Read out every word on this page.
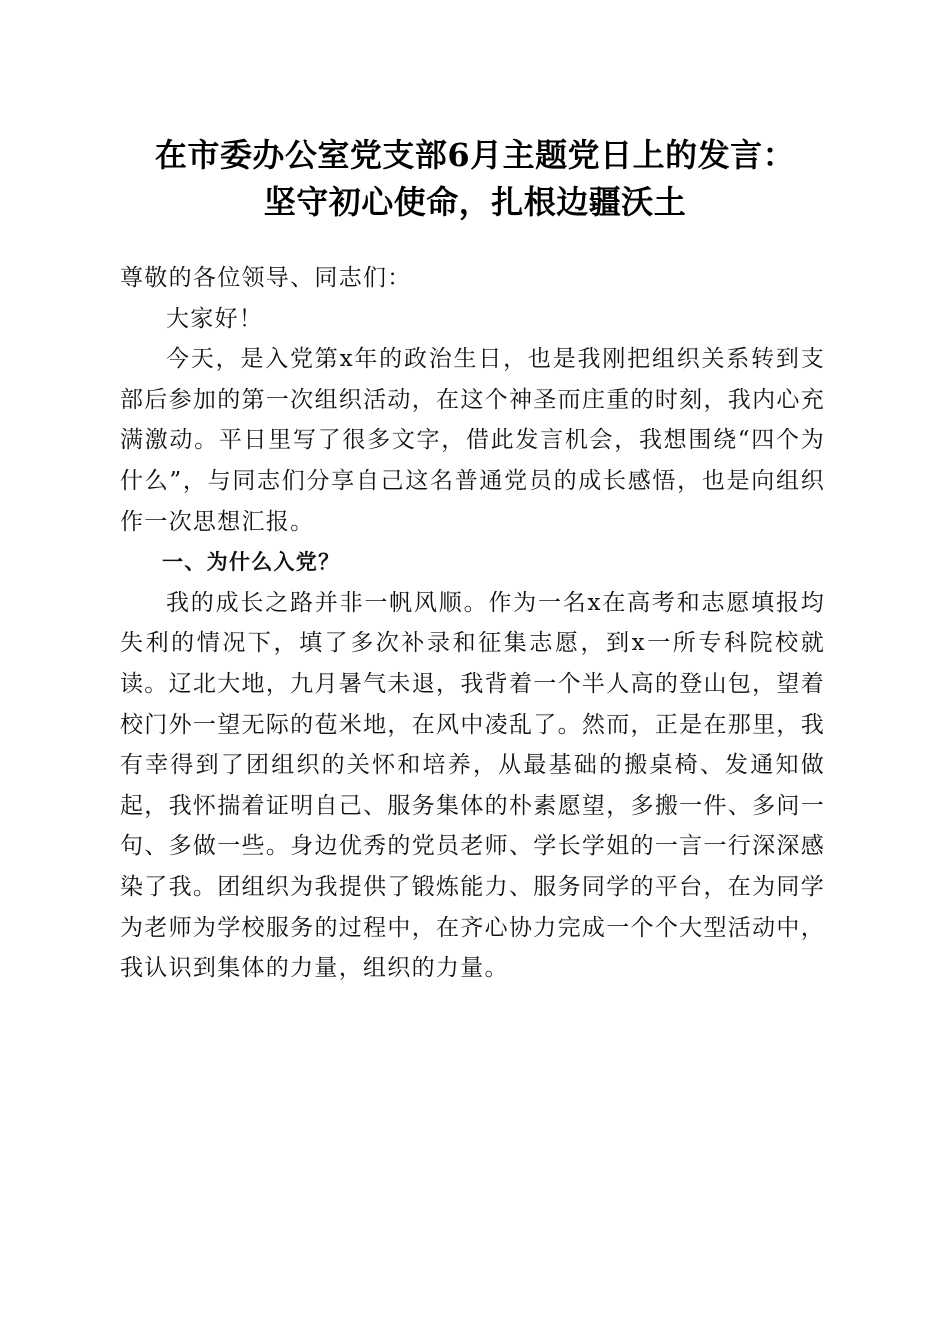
在市委办公室党支部6月主题党日上的发言：
坚守初心使命，扎根边疆沃土

尊敬的各位领导、同志们：

大家好！

今天，是入党第x年的政治生日，也是我刚把组织关系转到支部后参加的第一次组织活动，在这个神圣而庄重的时刻，我内心充满激动。平日里写了很多文字，借此发言机会，我想围绕“四个为什么”，与同志们分享自己这名普通党员的成长感悟，也是向组织作一次思想汇报。

一、为什么入党？

我的成长之路并非一帆风顺。作为一名x在高考和志愿填报均失利的情况下，填了多次补录和征集志愿，到x一所专科院校就读。辽北大地，九月暑气未退，我背着一个半人高的登山包，望着校门外一望无际的苞米地，在风中凌乱了。然而，正是在那里，我有幸得到了团组织的关怀和培养，从最基础的搬桌椅、发通知做起，我怀揣着证明自己、服务集体的朴素愿望，多搬一件、多问一句、多做一些。身边优秀的党员老师、学长学姐的一言一行深深感染了我。团组织为我提供了锻炼能力、服务同学的平台，在为同学为老师为学校服务的过程中，在齐心协力完成一个个大型活动中，我认识到集体的力量，组织的力量。
